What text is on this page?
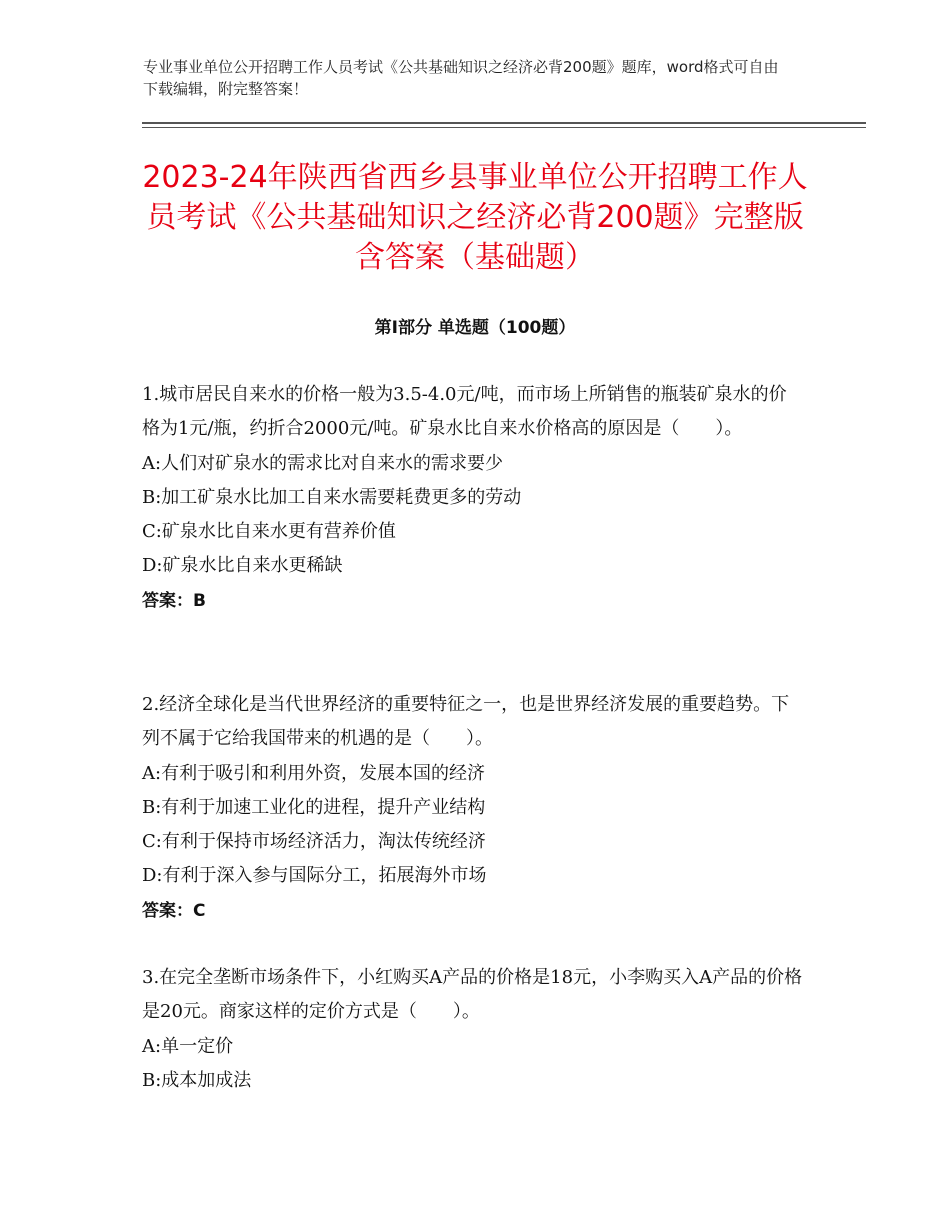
专业事业单位公开招聘工作人员考试《公共基础知识之经济必背200题》题库，word格式可自由下载编辑，附完整答案！
2023-24年陕西省西乡县事业单位公开招聘工作人员考试《公共基础知识之经济必背200题》完整版含答案（基础题）
第Ⅰ部分 单选题（100题）

1.城市居民自来水的价格一般为3.5-4.0元/吨，而市场上所销售的瓶装矿泉水的价格为1元/瓶，约折合2000元/吨。矿泉水比自来水价格高的原因是（　　）。

A:人们对矿泉水的需求比对自来水的需求要少

B:加工矿泉水比加工自来水需要耗费更多的劳动

C:矿泉水比自来水更有营养价值

D:矿泉水比自来水更稀缺

答案：B

2.经济全球化是当代世界经济的重要特征之一，也是世界经济发展的重要趋势。下列不属于它给我国带来的机遇的是（　　）。

A:有利于吸引和利用外资，发展本国的经济

B:有利于加速工业化的进程，提升产业结构

C:有利于保持市场经济活力，淘汰传统经济

D:有利于深入参与国际分工，拓展海外市场

答案：C

3.在完全垄断市场条件下，小红购买A产品的价格是18元，小李购买入A产品的价格是20元。商家这样的定价方式是（　　）。

A:单一定价

B:成本加成法
